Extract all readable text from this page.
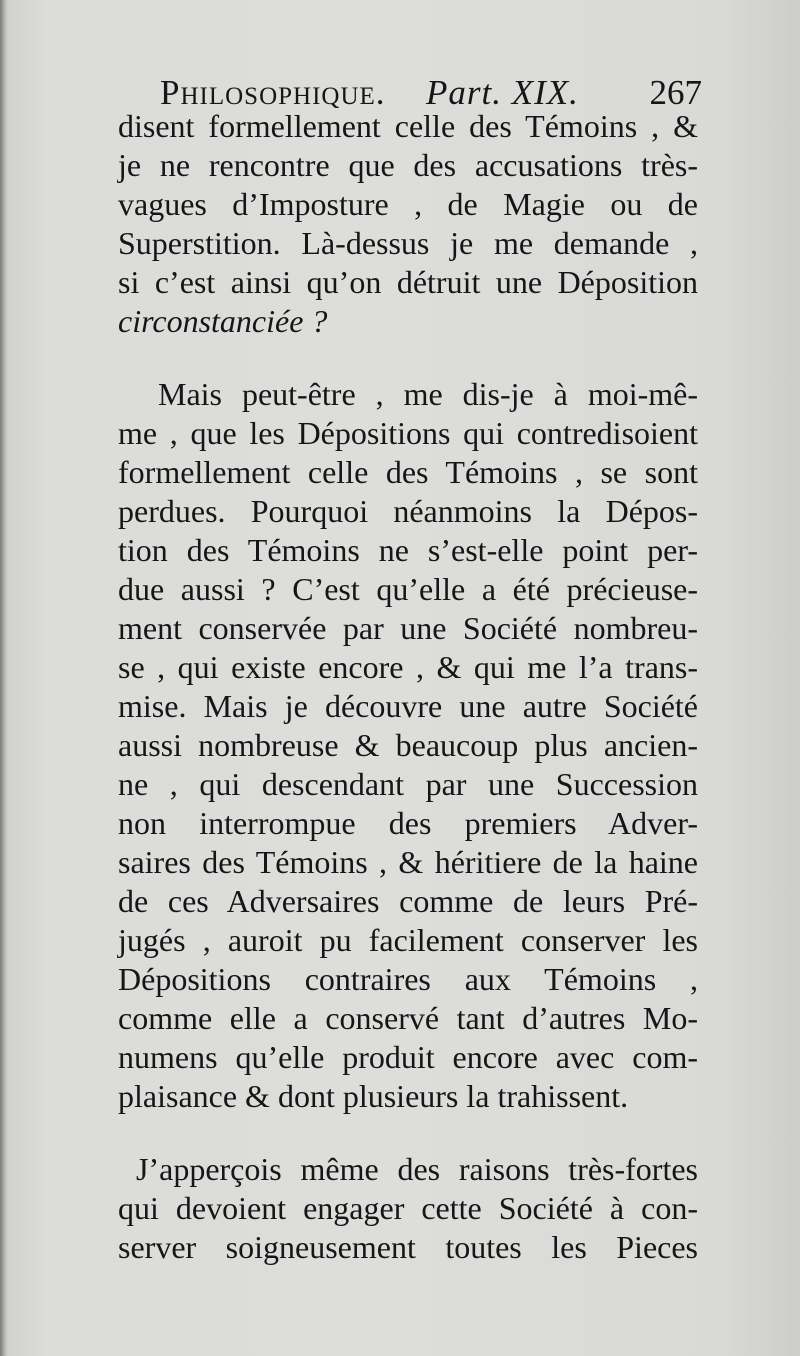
Philosophique. Part. XIX. 267
disent formellement celle des Témoins , &
je ne rencontre que des accusations très-
vagues d’Imposture , de Magie ou de
Superstition. Là-dessus je me demande ,
si c’est ainsi qu’on détruit une Déposition
circonstanciée ?
Mais peut-être , me dis-je à moi-mê-
me , que les Dépositions qui contredisoient
formellement celle des Témoins , se sont
perdues. Pourquoi néanmoins la Dépos-
tion des Témoins ne s’est-elle point per-
due aussi ? C’est qu’elle a été précieuse-
ment conservée par une Société nombreu-
se , qui existe encore , & qui me l’a trans-
mise. Mais je découvre une autre Société
aussi nombreuse & beaucoup plus ancien-
ne , qui descendant par une Succession
non interrompue des premiers Adver-
saires des Témoins , & héritiere de la haine
de ces Adversaires comme de leurs Pré-
jugés , auroit pu facilement conserver les
Dépositions contraires aux Témoins ,
comme elle a conservé tant d’autres Mo-
numens qu’elle produit encore avec com-
plaisance & dont plusieurs la trahissent.
J’apperçois même des raisons très-fortes
qui devoient engager cette Société à con-
server soigneusement toutes les Pieces
